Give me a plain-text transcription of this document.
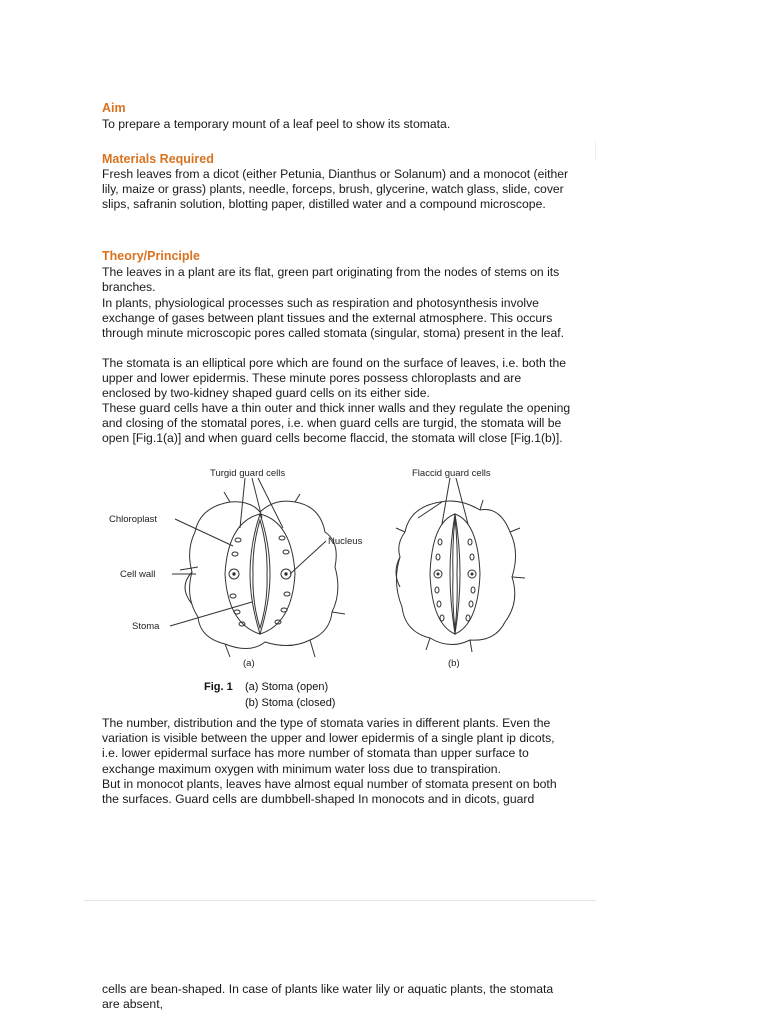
Aim

To prepare a temporary mount of a leaf peel to show its stomata.

Materials Required

Fresh leaves from a dicot (either Petunia, Dianthus or Solanum) and a monocot (either lily, maize or grass) plants, needle, forceps, brush, glycerine, watch glass, slide, cover slips, safranin solution, blotting paper, distilled water and a compound microscope.

Theory/Principle

The leaves in a plant are its flat, green part originating from the nodes of stems on its branches.

In plants, physiological processes such as respiration and photosynthesis involve exchange of gases between plant tissues and the external atmosphere. This occurs through minute microscopic pores called stomata (singular, stoma) present in the leaf.

The stomata is an elliptical pore which are found on the surface of leaves, i.e. both the upper and lower epidermis. These minute pores possess chloroplasts and are enclosed by two-kidney shaped guard cells on its either side.

These guard cells have a thin outer and thick inner walls and they regulate the opening and closing of the stomatal pores, i.e. when guard cells are turgid, the stomata will be open [Fig.1(a)] and when guard cells become flaccid, the stomata will close [Fig.1(b)].

Turgid guard cells	Flaccid guard cells
Chloroplast
Nucleus
Cell wall
Stoma
(a)	(b)
Fig. 1 (a) Stoma (open)
(b) Stoma (closed)

The number, distribution and the type of stomata varies in different plants. Even the variation is visible between the upper and lower epidermis of a single plant ip dicots, i.e. lower epidermal surface has more number of stomata than upper surface to exchange maximum oxygen with minimum water loss due to transpiration.

But in monocot plants, leaves have almost equal number of stomata present on both the surfaces. Guard cells are dumbbell-shaped In monocots and in dicots, guard

cells are bean-shaped. In case of plants like water lily or aquatic plants, the stomata are absent,
